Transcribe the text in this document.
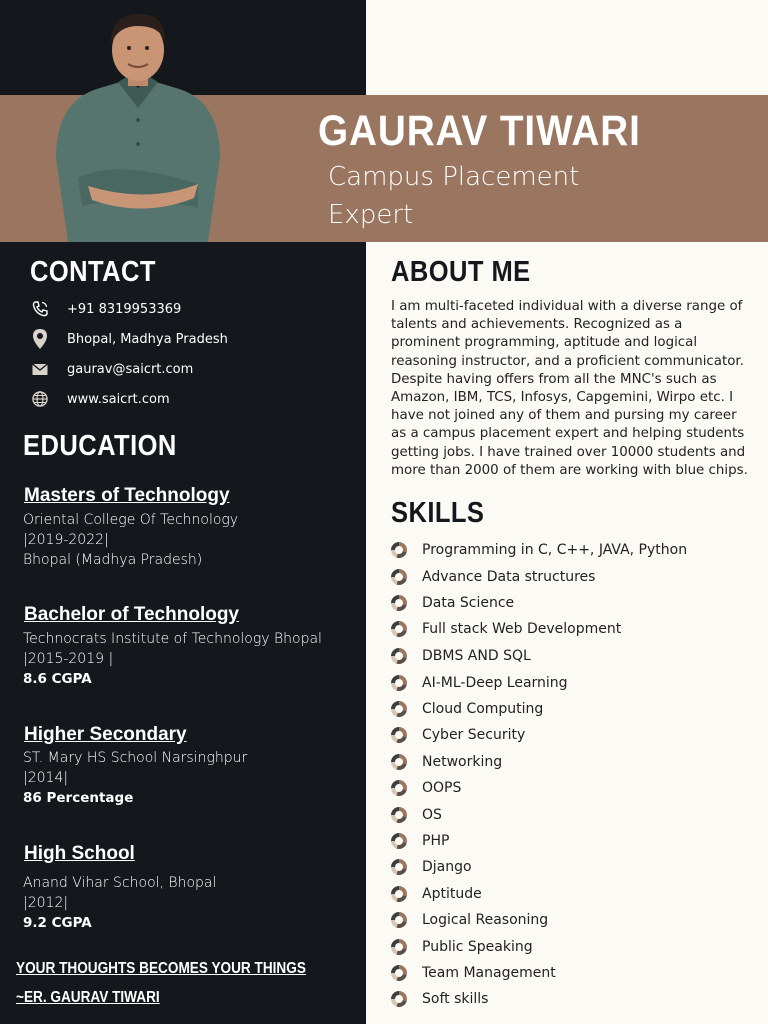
GAURAV TIWARI
Campus Placement
Expert
CONTACT
+91 8319953369
Bhopal, Madhya Pradesh
gaurav@saicrt.com
www.saicrt.com
EDUCATION
Masters of Technology
Oriental College Of Technology
|2019-2022|
Bhopal (Madhya Pradesh)
Bachelor of Technology
Technocrats Institute of Technology Bhopal
|2015-2019 |
8.6 CGPA
Higher Secondary
ST. Mary HS School Narsinghpur
|2014|
86 Percentage
High School
Anand Vihar School, Bhopal
|2012|
9.2 CGPA
YOUR THOUGHTS BECOMES YOUR THINGS
~ER. GAURAV TIWARI
ABOUT ME
I am multi-faceted individual with a diverse range of talents and achievements. Recognized as a prominent programming, aptitude and logical reasoning instructor, and a proficient communicator. Despite having offers from all the MNC's such as Amazon, IBM, TCS, Infosys, Capgemini, Wirpo etc. I have not joined any of them and pursing my career as a campus placement expert and helping students getting jobs. I have trained over 10000 students and more than 2000 of them are working with blue chips.
SKILLS
Programming in C, C++, JAVA, Python
Advance Data structures
Data Science
Full stack Web Development
DBMS AND SQL
AI-ML-Deep Learning
Cloud Computing
Cyber Security
Networking
OOPS
OS
PHP
Django
Aptitude
Logical Reasoning
Public Speaking
Team Management
Soft skills
